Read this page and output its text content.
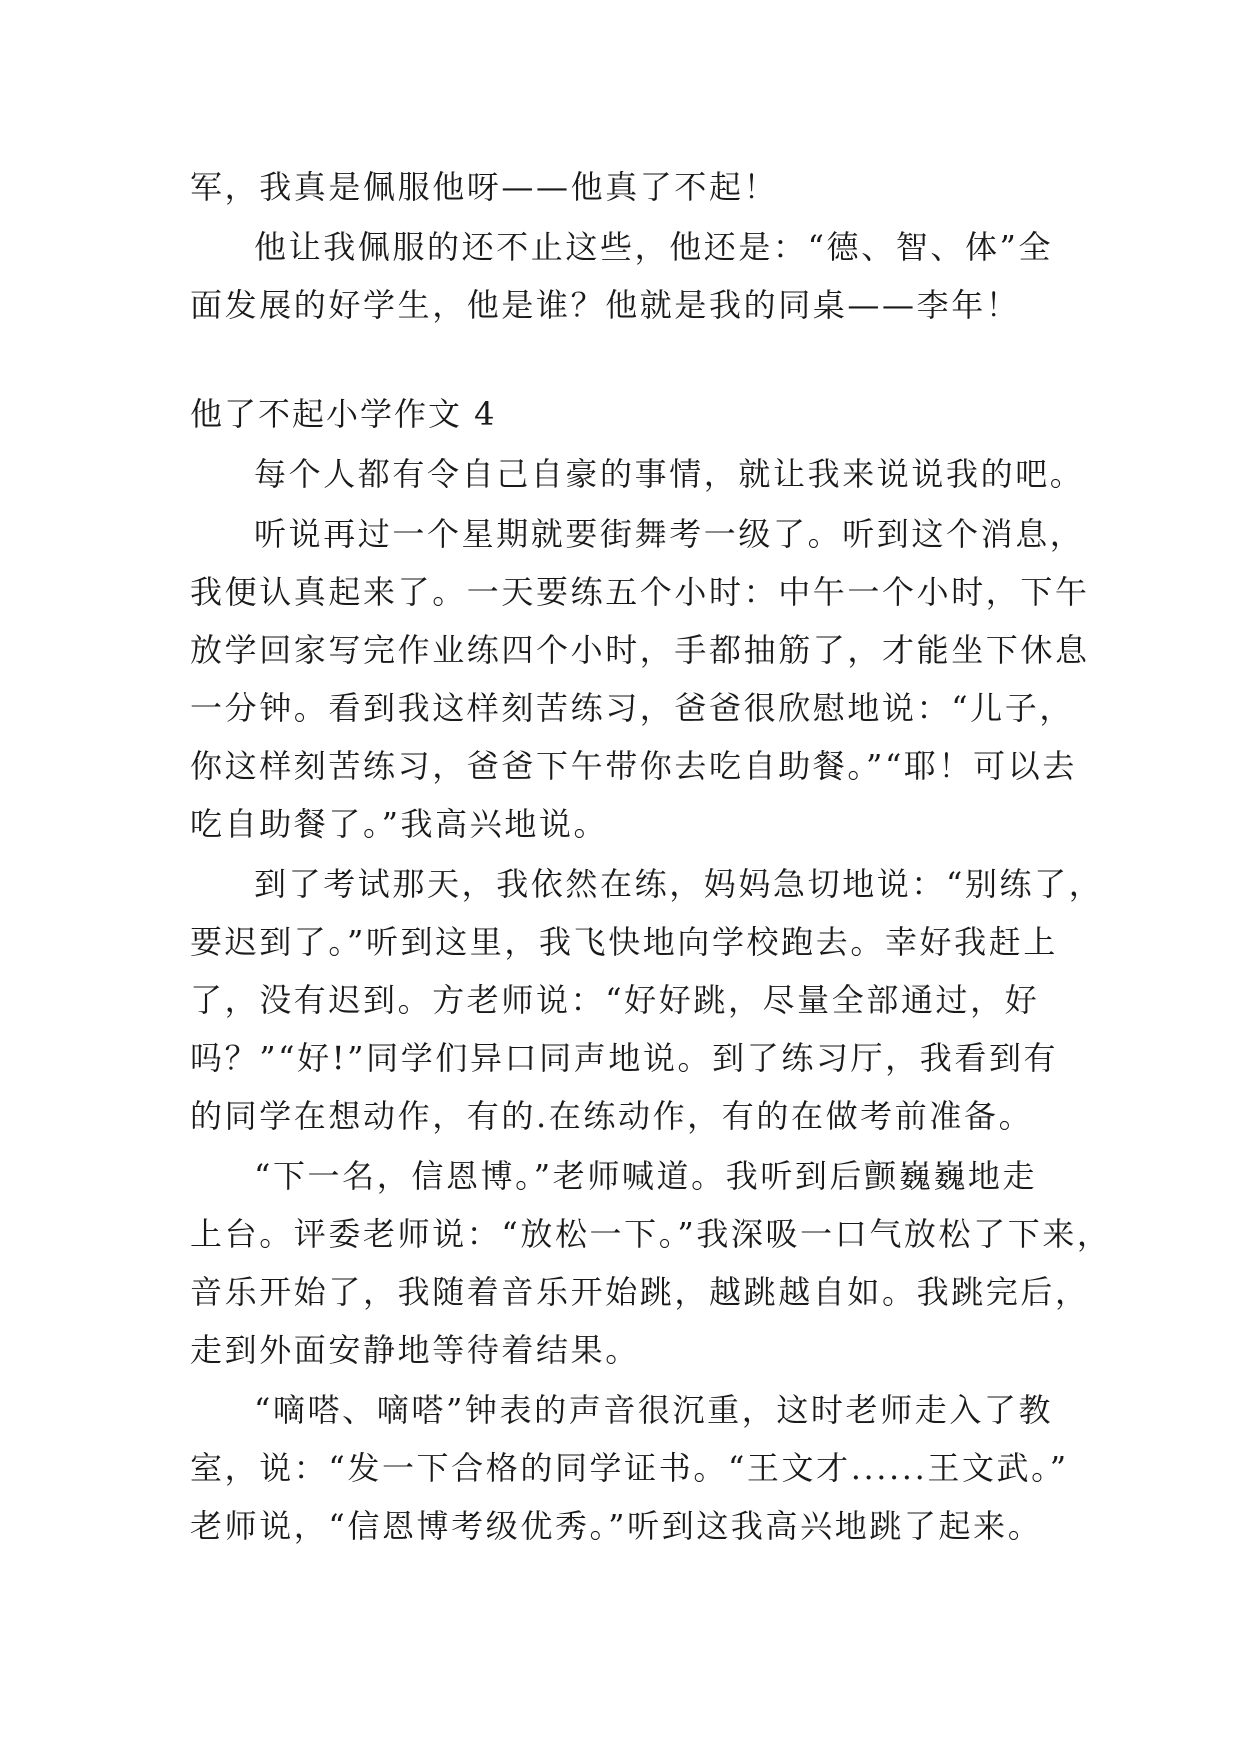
军，我真是佩服他呀——他真了不起！
他让我佩服的还不止这些，他还是：“德、智、体”全
面发展的好学生，他是谁？他就是我的同桌——李年！
他了不起小学作文 4
每个人都有令自己自豪的事情，就让我来说说我的吧。
听说再过一个星期就要街舞考一级了。听到这个消息，
我便认真起来了。一天要练五个小时：中午一个小时，下午
放学回家写完作业练四个小时，手都抽筋了，才能坐下休息
一分钟。看到我这样刻苦练习，爸爸很欣慰地说：“儿子，
你这样刻苦练习，爸爸下午带你去吃自助餐。”“耶！可以去
吃自助餐了。”我高兴地说。
到了考试那天，我依然在练，妈妈急切地说：“别练了，
要迟到了。”听到这里，我飞快地向学校跑去。幸好我赶上
了，没有迟到。方老师说：“好好跳，尽量全部通过，好
吗？”“好!”同学们异口同声地说。到了练习厅，我看到有
的同学在想动作，有的.在练动作，有的在做考前准备。
“下一名，信恩博。”老师喊道。我听到后颤巍巍地走
上台。评委老师说：“放松一下。”我深吸一口气放松了下来，
音乐开始了，我随着音乐开始跳，越跳越自如。我跳完后，
走到外面安静地等待着结果。
“嘀嗒、嘀嗒”钟表的声音很沉重，这时老师走入了教
室，说：“发一下合格的同学证书。“王文才......王文武。”
老师说，“信恩博考级优秀。”听到这我高兴地跳了起来。
